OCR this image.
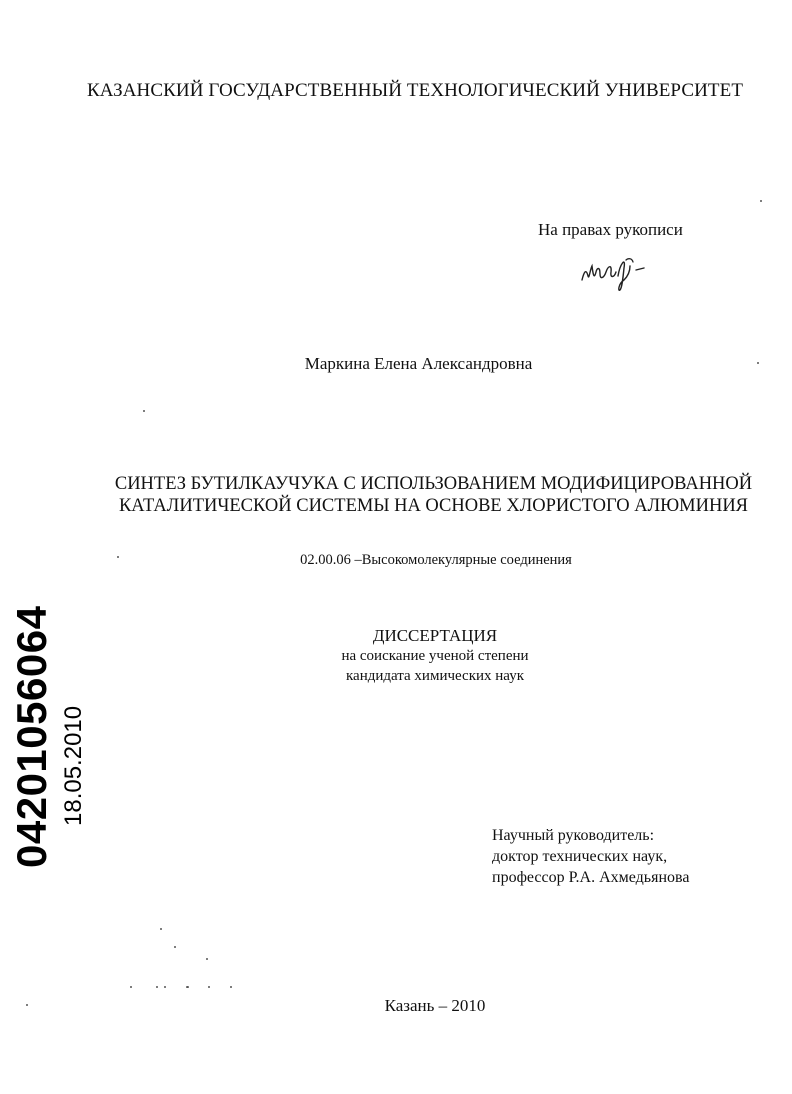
КАЗАНСКИЙ ГОСУДАРСТВЕННЫЙ ТЕХНОЛОГИЧЕСКИЙ УНИВЕРСИТЕТ
На правах рукописи
Маркина Елена Александровна
СИНТЕЗ БУТИЛКАУЧУКА С ИСПОЛЬЗОВАНИЕМ МОДИФИЦИРОВАННОЙ
КАТАЛИТИЧЕСКОЙ СИСТЕМЫ НА ОСНОВЕ ХЛОРИСТОГО АЛЮМИНИЯ
02.00.06 –Высокомолекулярные соединения
ДИССЕРТАЦИЯ
на соискание ученой степени
кандидата химических наук
Научный руководитель:
доктор технических наук,
профессор Р.А. Ахмедьянова
Казань – 2010
04201056064 18.05.2010
